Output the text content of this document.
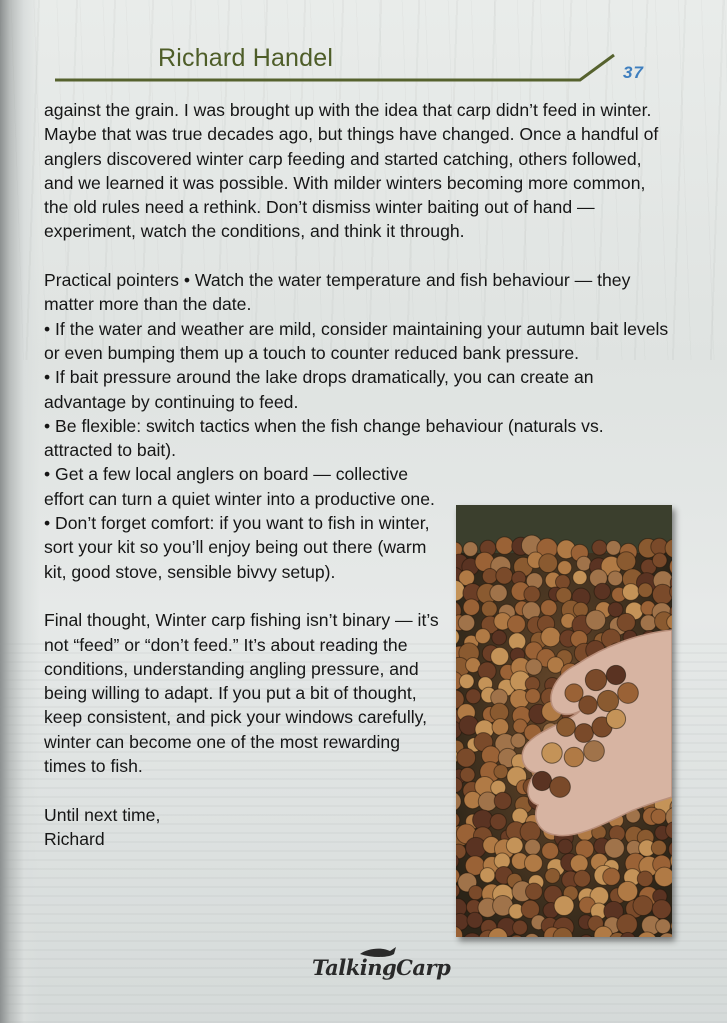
Richard Handel
37

against the grain. I was brought up with the idea that carp didn’t feed in winter. Maybe that was true decades ago, but things have changed. Once a handful of anglers discovered winter carp feeding and started catching, others followed, and we learned it was possible. With milder winters becoming more common, the old rules need a rethink. Don’t dismiss winter baiting out of hand — experiment, watch the conditions, and think it through.

Practical pointers • Watch the water temperature and fish behaviour — they matter more than the date.

• If the water and weather are mild, consider maintaining your autumn bait levels or even bumping them up a touch to counter reduced bank pressure.

• If bait pressure around the lake drops dramatically, you can create an advantage by continuing to feed.

• Be flexible: switch tactics when the fish change behaviour (naturals vs. attracted to bait).

• Get a few local anglers on board — collective effort can turn a quiet winter into a productive one.

• Don’t forget comfort: if you want to fish in winter, sort your kit so you’ll enjoy being out there (warm kit, good stove, sensible bivvy setup).

Final thought, Winter carp fishing isn’t binary — it’s not “feed” or “don’t feed.” It’s about reading the conditions, understanding angling pressure, and being willing to adapt. If you put a bit of thought, keep consistent, and pick your windows carefully, winter can become one of the most rewarding times to fish.

Until next time,

Richard

TalkingCarp
